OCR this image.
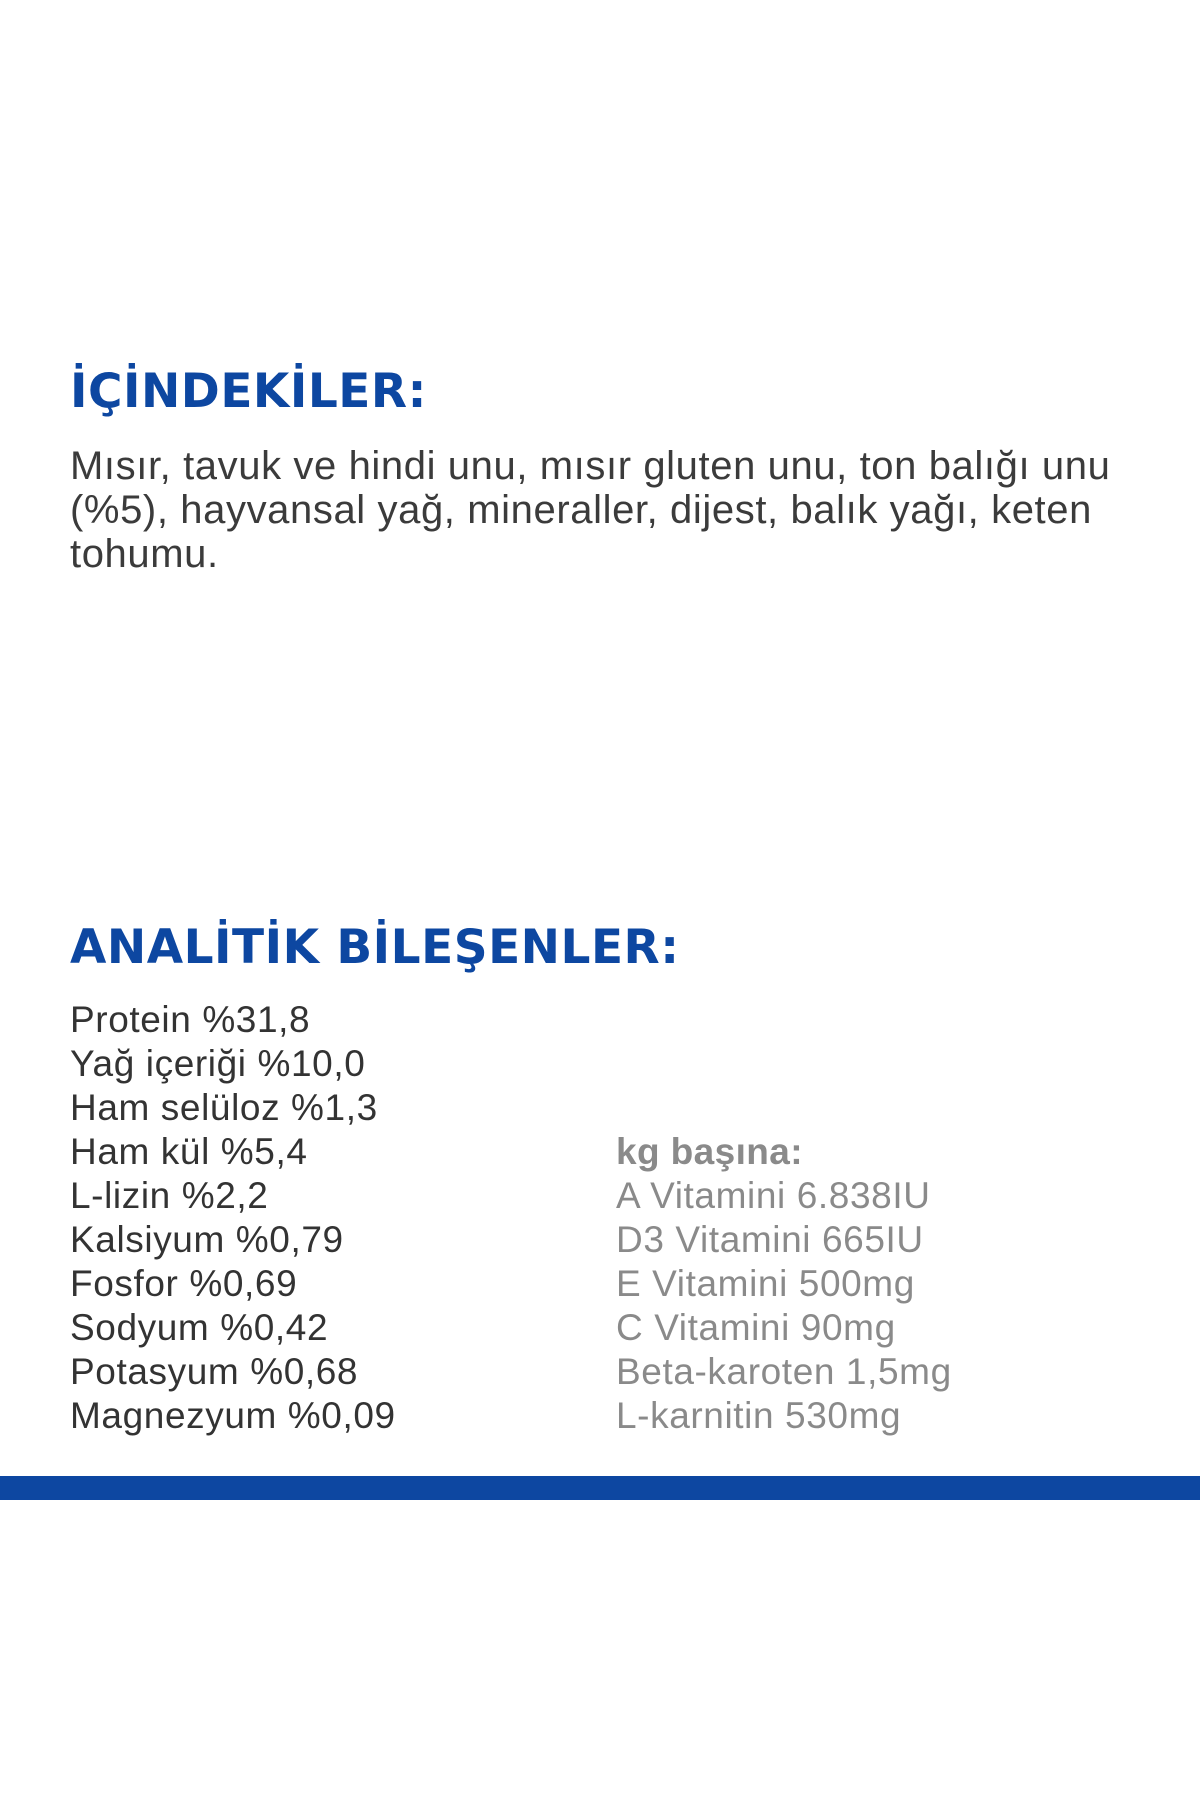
İÇİNDEKİLER:

Mısır, tavuk ve hindi unu, mısır gluten unu, ton balığı unu (%5), hayvansal yağ, mineraller, dijest, balık yağı, keten tohumu.

ANALİTİK BİLEŞENLER:
Protein %31,8
Yağ içeriği %10,0
Ham selüloz %1,3
Ham kül %5,4
L-lizin %2,2
Kalsiyum %0,79
Fosfor %0,69
Sodyum %0,42
Potasyum %0,68
Magnezyum %0,09

kg başına:

A Vitamini 6.838IU
D3 Vitamini 665IU
E Vitamini 500mg
C Vitamini 90mg
Beta-karoten 1,5mg
L-karnitin 530mg
